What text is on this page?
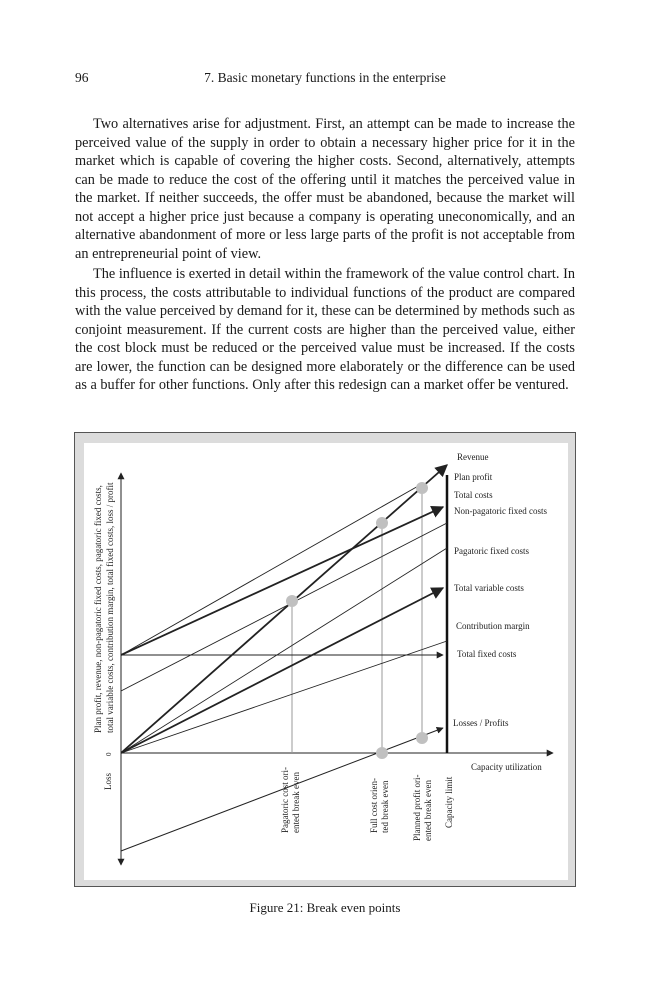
96	7. Basic monetary functions in the enterprise

Two alternatives arise for adjustment. First, an attempt can be made to increase the perceived value of the supply in order to obtain a necessary higher price for it in the market which is capable of covering the higher costs. Second, alternatively, attempts can be made to reduce the cost of the offering until it matches the perceived value in the market. If neither succeeds, the offer must be abandoned, because the market will not accept a higher price just because a company is operating uneconomically, and an alternative abandonment of more or less large parts of the profit is not acceptable from an entrepreneurial point of view.

The influence is exerted in detail within the framework of the value control chart. In this process, the costs attributable to individual functions of the product are compared with the value perceived by demand for it, these can be determined by methods such as conjoint measurement. If the current costs are higher than the perceived value, either the cost block must be reduced or the perceived value must be increased. If the costs are lower, the function can be designed more elaborately or the difference can be used as a buffer for other functions. Only after this redesign can a market offer be ventured.

Revenue
Plan profit
Total costs
Non-pagatoric fixed costs
Pagatoric fixed costs
Total variable costs
Contribution margin
Total fixed costs
Losses / Profits
Capacity utilization
Plan profit, revenue, non-pagatoric fixed costs, pagatoric fixed costs, total variable costs, contribution margin, total fixed costs, loss / profit
0
Loss	Pagatoric cost ori- ented break even	Full cost orien- ted break even Planned profit ori- ented break even Capacity limit
Figure 21: Break even points
